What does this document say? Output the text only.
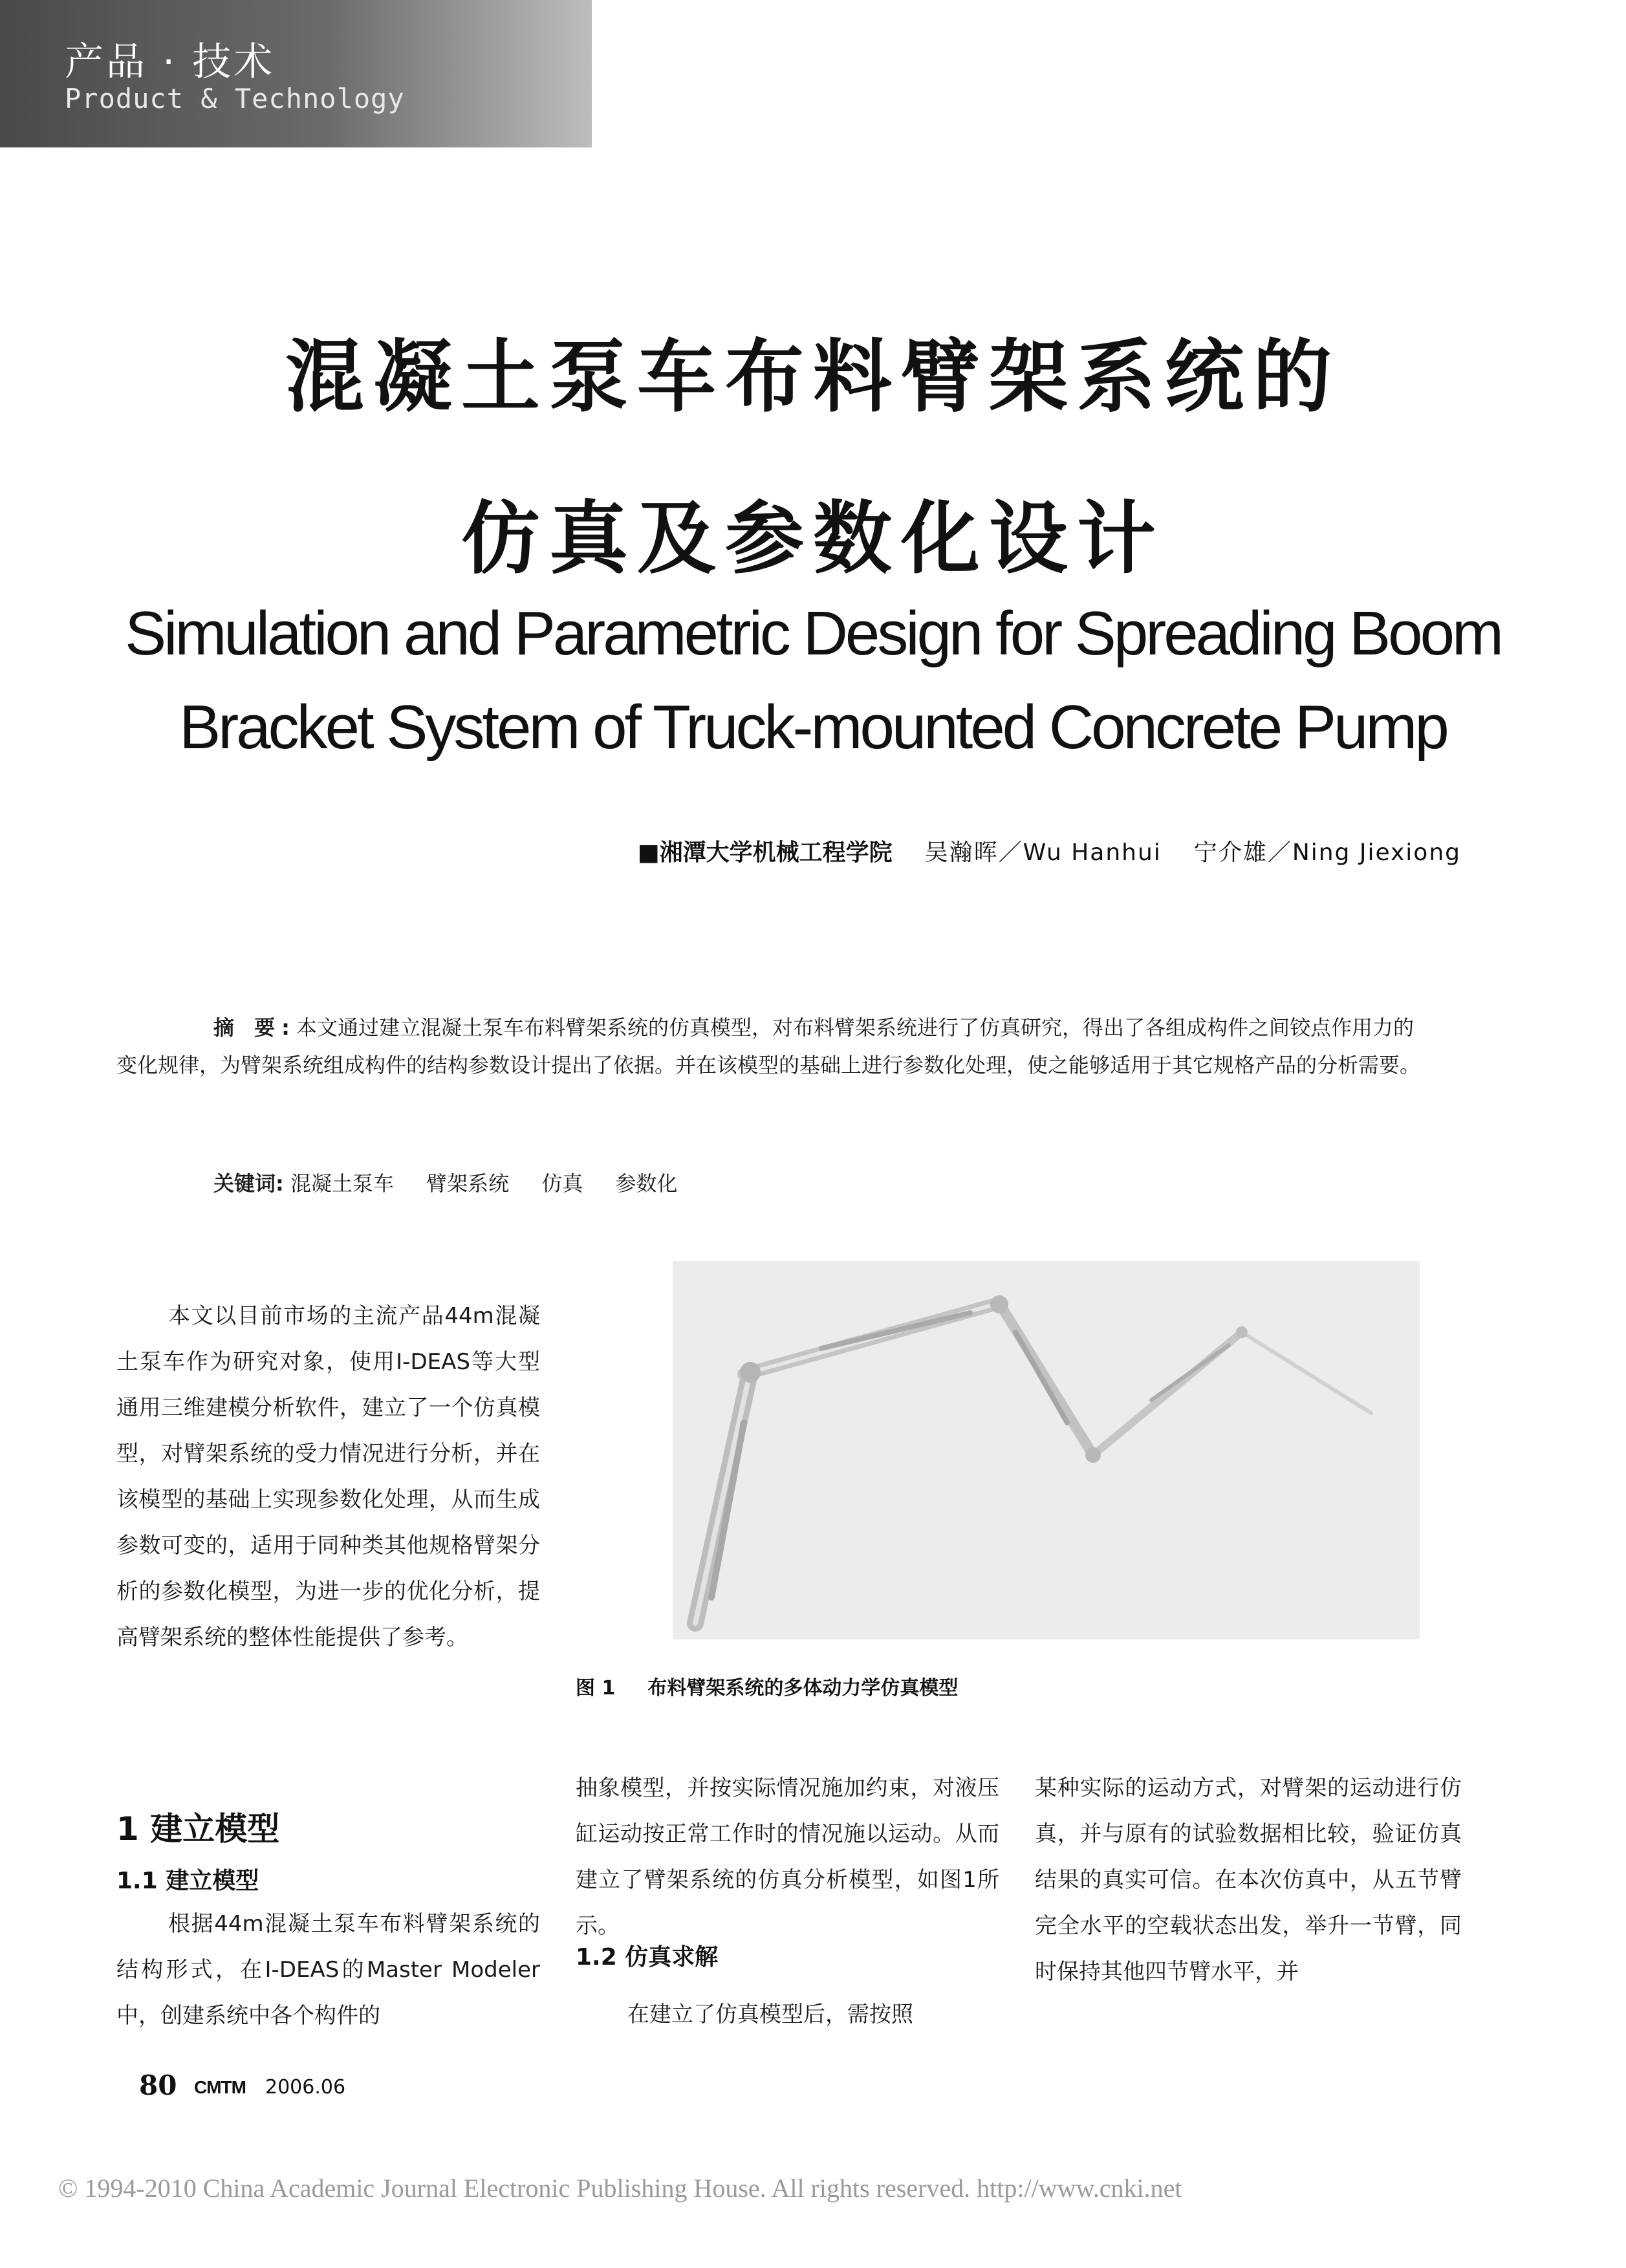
产品 · 技术
Product & Technology
混凝土泵车布料臂架系统的
仿真及参数化设计
Simulation and Parametric Design for Spreading Boom
Bracket System of Truck-mounted Concrete Pump
■湘潭大学机械工程学院 吴瀚晖／Wu Hanhui 宁介雄／Ning Jiexiong
摘 要:本文通过建立混凝土泵车布料臂架系统的仿真模型，对布料臂架系统进行了仿真研究，得出了各组成构件之间铰点作用力的变化规律，为臂架系统组成构件的结构参数设计提出了依据。并在该模型的基础上进行参数化处理，使之能够适用于其它规格产品的分析需要。
关键词: 混凝土泵车 臂架系统 仿真 参数化
本文以目前市场的主流产品44m混凝土泵车作为研究对象，使用I-DEAS等大型通用三维建模分析软件，建立了一个仿真模型，对臂架系统的受力情况进行分析，并在该模型的基础上实现参数化处理，从而生成参数可变的，适用于同种类其他规格臂架分析的参数化模型，为进一步的优化分析，提高臂架系统的整体性能提供了参考。
1 建立模型
1.1 建立模型
根据44m混凝土泵车布料臂架系统的结构形式，在I-DEAS的Master Modeler中，创建系统中各个构件的
图 1 布料臂架系统的多体动力学仿真模型
抽象模型，并按实际情况施加约束，对液压缸运动按正常工作时的情况施以运动。从而建立了臂架系统的仿真分析模型，如图1所示。
1.2 仿真求解
在建立了仿真模型后，需按照
某种实际的运动方式，对臂架的运动进行仿真，并与原有的试验数据相比较，验证仿真结果的真实可信。在本次仿真中，从五节臂完全水平的空载状态出发，举升一节臂，同时保持其他四节臂水平，并
80 CMTM 2006.06
© 1994-2010 China Academic Journal Electronic Publishing House. All rights reserved. http://www.cnki.net
